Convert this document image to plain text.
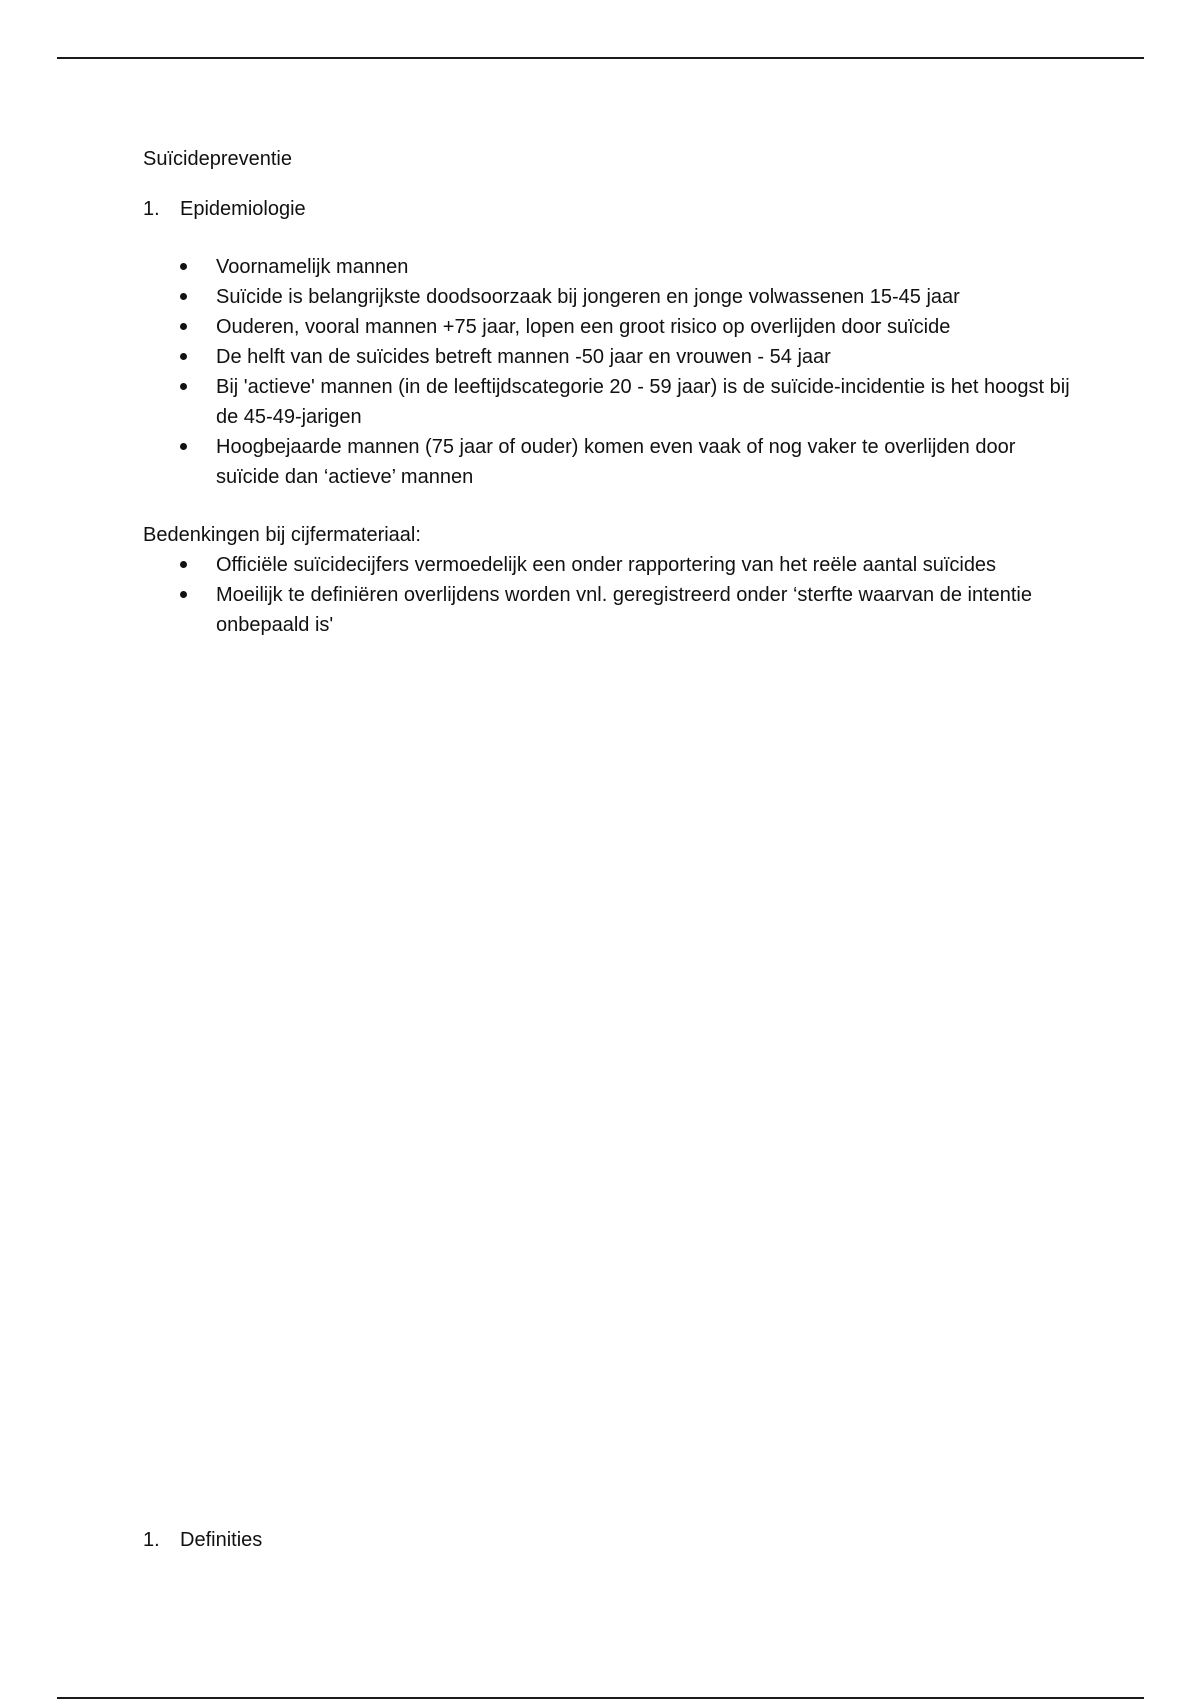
Suïcidepreventie
1.	Epidemiologie
Voornamelijk mannen
Suïcide is belangrijkste doodsoorzaak bij jongeren en jonge volwassenen 15-45 jaar
Ouderen, vooral mannen +75 jaar, lopen een groot risico op overlijden door suïcide
De helft van de suïcides betreft mannen -50 jaar en vrouwen - 54 jaar
Bij 'actieve' mannen (in de leeftijdscategorie 20 - 59 jaar) is de suïcide-incidentie is het hoogst bij de 45-49-jarigen
Hoogbejaarde mannen (75 jaar of ouder) komen even vaak of nog vaker te overlijden door suïcide dan ‘actieve’ mannen

Bedenkingen bij cijfermateriaal:

Officiële suïcidecijfers vermoedelijk een onder rapportering van het reële aantal suïcides
Moeilijk te definiëren overlijdens worden vnl. geregistreerd onder ‘sterfte waarvan de intentie onbepaald is'
1.	Definities
